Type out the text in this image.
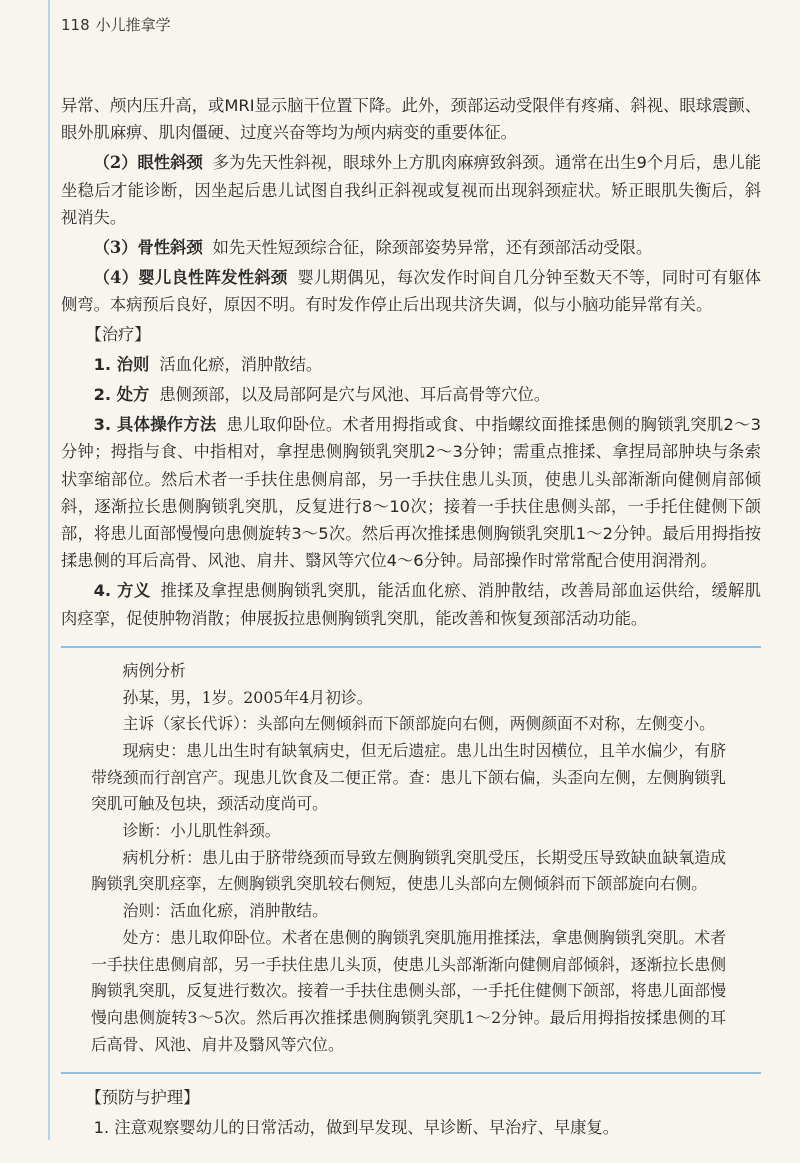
118 小儿推拿学

异常、颅内压升高，或MRI显示脑干位置下降。此外，颈部运动受限伴有疼痛、斜视、眼球震颤、眼外肌麻痹、肌肉僵硬、过度兴奋等均为颅内病变的重要体征。

（2）眼性斜颈 多为先天性斜视，眼球外上方肌肉麻痹致斜颈。通常在出生9个月后，患儿能坐稳后才能诊断，因坐起后患儿试图自我纠正斜视或复视而出现斜颈症状。矫正眼肌失衡后，斜视消失。

（3）骨性斜颈 如先天性短颈综合征，除颈部姿势异常，还有颈部活动受限。

（4）婴儿良性阵发性斜颈 婴儿期偶见，每次发作时间自几分钟至数天不等，同时可有躯体侧弯。本病预后良好，原因不明。有时发作停止后出现共济失调，似与小脑功能异常有关。

【治疗】

1. 治则 活血化瘀，消肿散结。

2. 处方 患侧颈部，以及局部阿是穴与风池、耳后高骨等穴位。

3. 具体操作方法 患儿取仰卧位。术者用拇指或食、中指螺纹面推揉患侧的胸锁乳突肌2～3分钟；拇指与食、中指相对，拿捏患侧胸锁乳突肌2～3分钟；需重点推揉、拿捏局部肿块与条索状挛缩部位。然后术者一手扶住患侧肩部，另一手扶住患儿头顶，使患儿头部渐渐向健侧肩部倾斜，逐渐拉长患侧胸锁乳突肌，反复进行8～10次；接着一手扶住患侧头部，一手托住健侧下颌部，将患儿面部慢慢向患侧旋转3～5次。然后再次推揉患侧胸锁乳突肌1～2分钟。最后用拇指按揉患侧的耳后高骨、风池、肩井、翳风等穴位4～6分钟。局部操作时常常配合使用润滑剂。

4. 方义 推揉及拿捏患侧胸锁乳突肌，能活血化瘀、消肿散结，改善局部血运供给，缓解肌肉痉挛，促使肿物消散；伸展扳拉患侧胸锁乳突肌，能改善和恢复颈部活动功能。

病例分析

孙某，男，1岁。2005年4月初诊。

主诉（家长代诉）：头部向左侧倾斜而下颌部旋向右侧，两侧颜面不对称，左侧变小。

现病史：患儿出生时有缺氧病史，但无后遗症。患儿出生时因横位，且羊水偏少，有脐带绕颈而行剖宫产。现患儿饮食及二便正常。查：患儿下颌右偏，头歪向左侧，左侧胸锁乳突肌可触及包块，颈活动度尚可。

诊断：小儿肌性斜颈。

病机分析：患儿由于脐带绕颈而导致左侧胸锁乳突肌受压，长期受压导致缺血缺氧造成胸锁乳突肌痉挛，左侧胸锁乳突肌较右侧短，使患儿头部向左侧倾斜而下颌部旋向右侧。

治则：活血化瘀，消肿散结。

处方：患儿取仰卧位。术者在患侧的胸锁乳突肌施用推揉法，拿患侧胸锁乳突肌。术者一手扶住患侧肩部，另一手扶住患儿头顶，使患儿头部渐渐向健侧肩部倾斜，逐渐拉长患侧胸锁乳突肌，反复进行数次。接着一手扶住患侧头部，一手托住健侧下颌部，将患儿面部慢慢向患侧旋转3～5次。然后再次推揉患侧胸锁乳突肌1～2分钟。最后用拇指按揉患侧的耳后高骨、风池、肩井及翳风等穴位。

【预防与护理】

1. 注意观察婴幼儿的日常活动，做到早发现、早诊断、早治疗、早康复。
